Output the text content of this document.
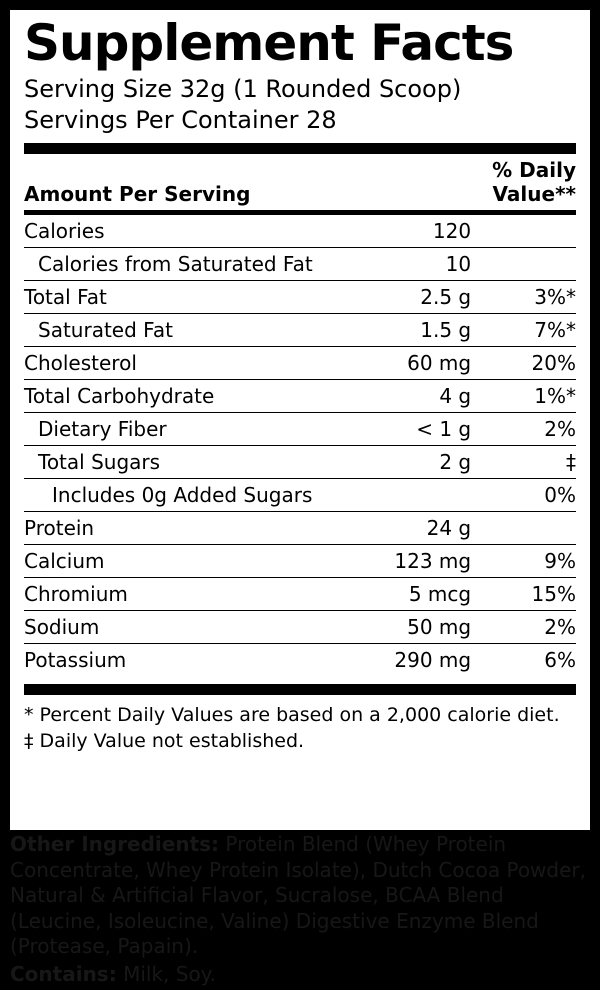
Supplement Facts
Serving Size 32g (1 Rounded Scoop)
Servings Per Container 28
Amount Per Serving		% Daily Value**
Calories	120	
Calories from Saturated Fat	10	
Total Fat	2.5 g	3%*
Saturated Fat	1.5 g	7%*
Cholesterol	60 mg	20%
Total Carbohydrate	4 g	1%*
Dietary Fiber	< 1 g	2%
Total Sugars	2 g	‡
Includes 0g Added Sugars		0%
Protein	24 g	
Calcium	123 mg	9%
Chromium	5 mcg	15%
Sodium	50 mg	2%
Potassium	290 mg	6%
* Percent Daily Values are based on a 2,000 calorie diet.
‡ Daily Value not established.
Other Ingredients: Protein Blend (Whey Protein Concentrate, Whey Protein Isolate), Dutch Cocoa Powder, Natural & Artificial Flavor, Sucralose, BCAA Blend (Leucine, Isoleucine, Valine) Digestive Enzyme Blend (Protease, Papain).
Contains: Milk, Soy.
